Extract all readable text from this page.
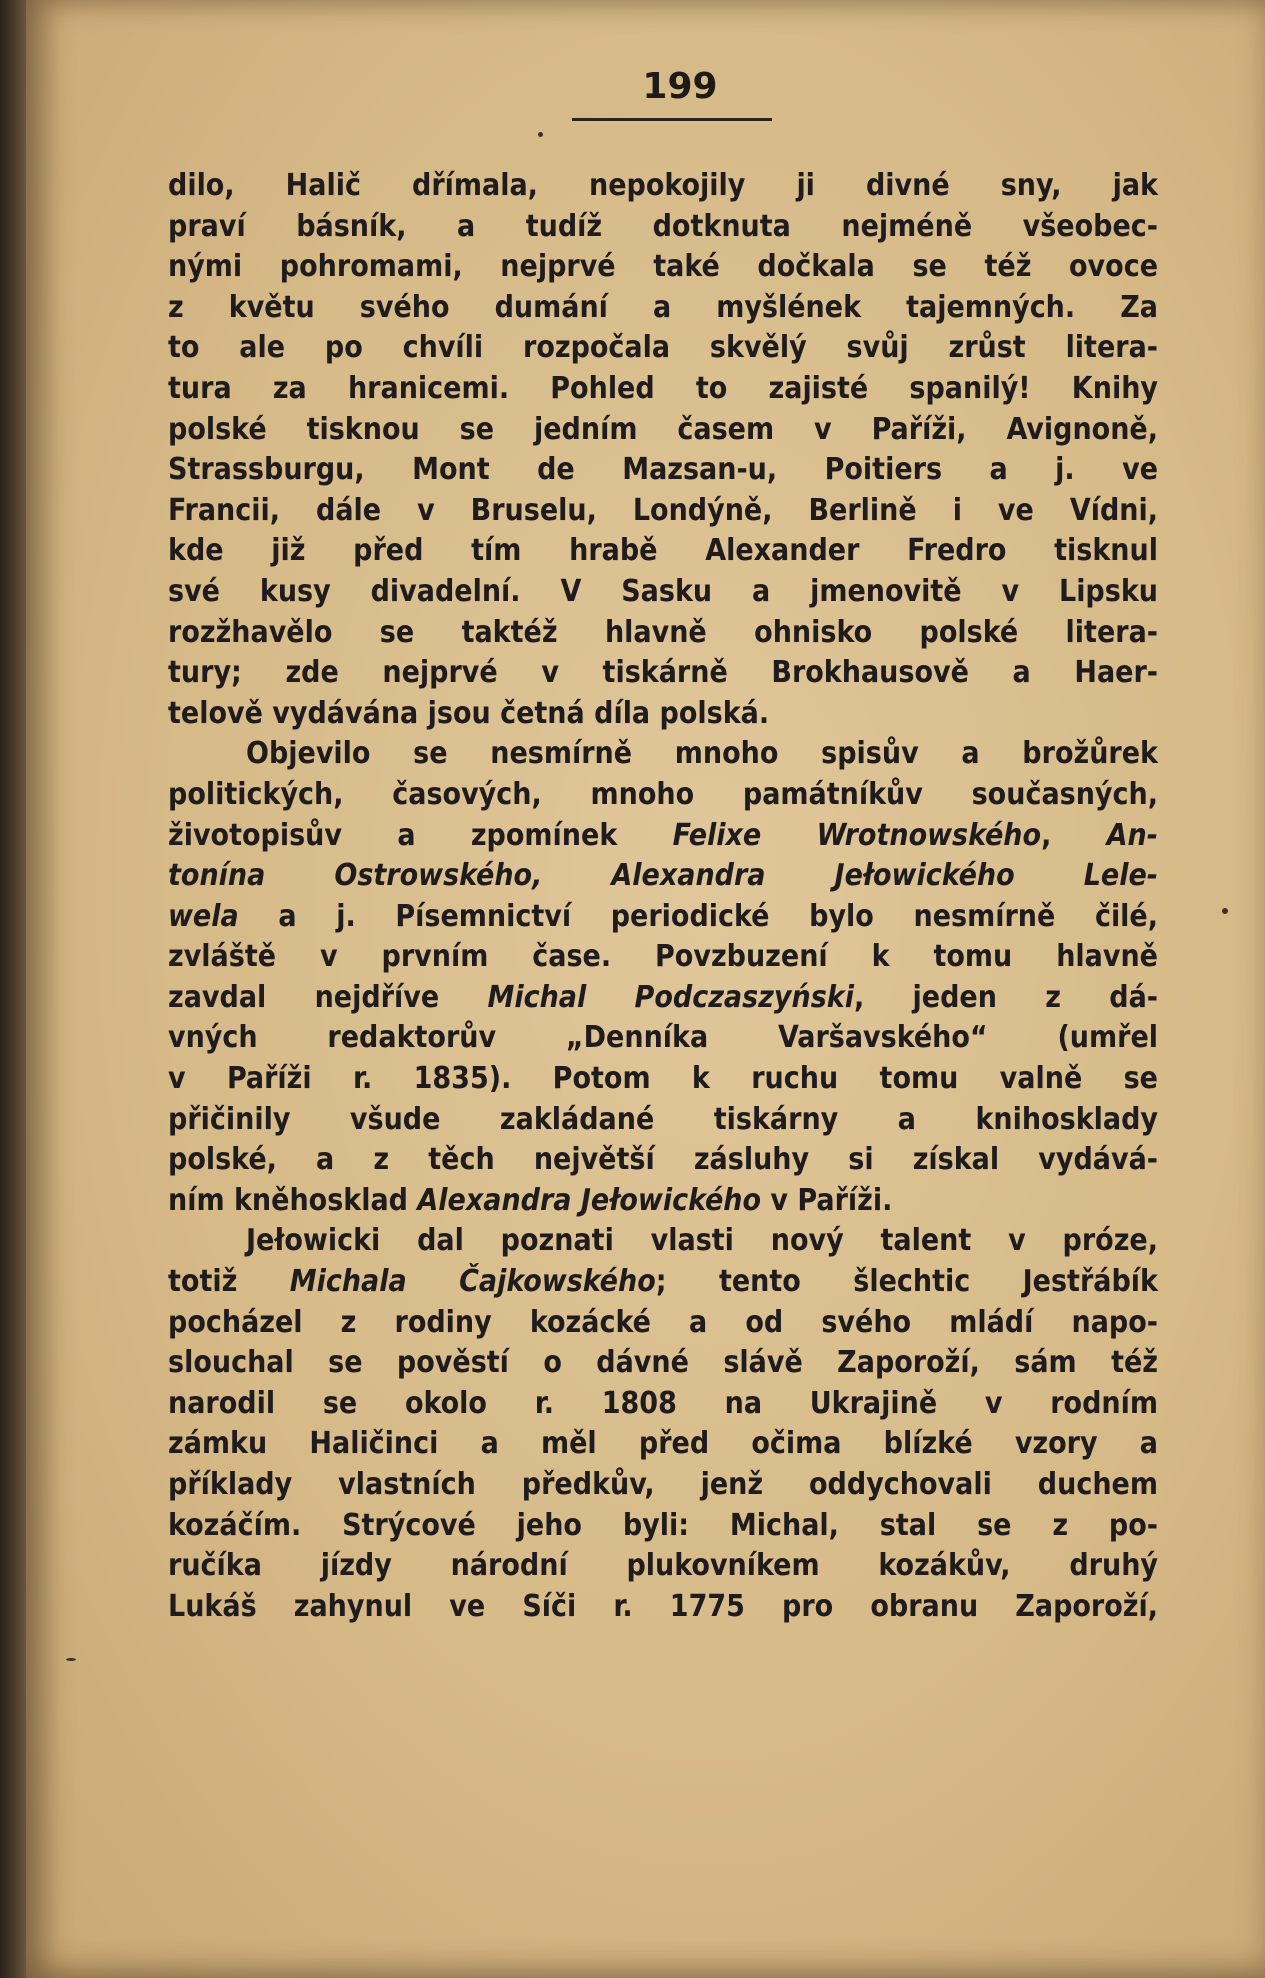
199
dilo, Halič dřímala, nepokojily ji divné sny, jak
praví básník, a tudíž dotknuta nejméně všeobec-
nými pohromami, nejprvé také dočkala se též ovoce
z květu svého dumání a myšlének tajemných. Za
to ale po chvíli rozpočala skvělý svůj zrůst litera-
tura za hranicemi. Pohled to zajisté spanilý! Knihy
polské tisknou se jedním časem v Paříži, Avignoně,
Strassburgu, Mont de Mazsan-u, Poitiers a j. ve
Francii, dále v Bruselu, Londýně, Berlině i ve Vídni,
kde již před tím hrabě Alexander Fredro tisknul
své kusy divadelní. V Sasku a jmenovitě v Lipsku
rozžhavělo se taktéž hlavně ohnisko polské litera-
tury; zde nejprvé v tiskárně Brokhausově a Haer-
telově vydávána jsou četná díla polská.
Objevilo se nesmírně mnoho spisův a brožůrek
politických, časových, mnoho památníkův současných,
životopisův a zpomínek Felixe Wrotnowského, An-
tonína Ostrowského, Alexandra Jełowického Lele-
wela a j. Písemnictví periodické bylo nesmírně čilé,
zvláště v prvním čase. Povzbuzení k tomu hlavně
zavdal nejdříve Michal Podczaszyński, jeden z dá-
vných redaktorův „Denníka Varšavského“ (umřel
v Paříži r. 1835). Potom k ruchu tomu valně se
přičinily všude zakládané tiskárny a knihosklady
polské, a z těch největší zásluhy si získal vydává-
ním kněhosklad Alexandra Jełowického v Paříži.
Jełowicki dal poznati vlasti nový talent v próze,
totiž Michala Čajkowského; tento šlechtic Jestřábík
pocházel z rodiny kozácké a od svého mládí napo-
slouchal se pověstí o dávné slávě Zaporoží, sám též
narodil se okolo r. 1808 na Ukrajině v rodním
zámku Haličinci a měl před očima blízké vzory a
příklady vlastních předkův, jenž oddychovali duchem
kozáčím. Strýcové jeho byli: Michal, stal se z po-
ručíka jízdy národní plukovníkem kozákův, druhý
Lukáš zahynul ve Síči r. 1775 pro obranu Zaporoží,
